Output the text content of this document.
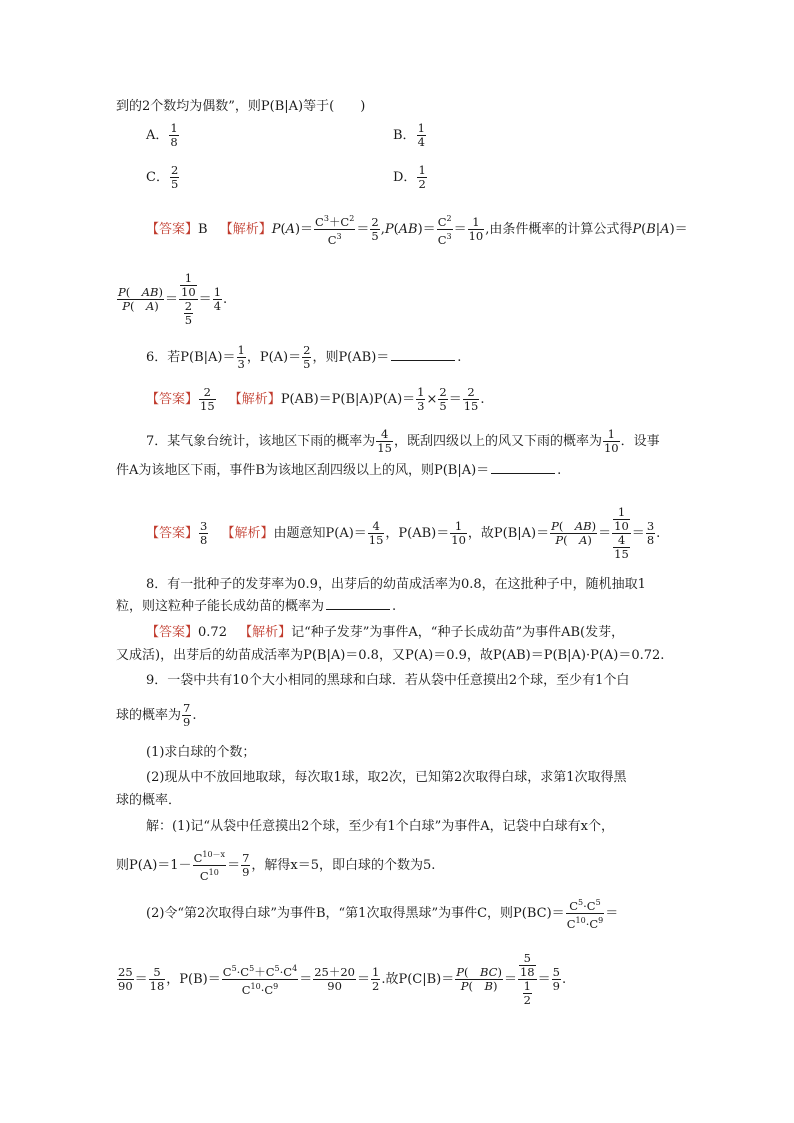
到的2个数均为偶数”，则P(B|A)等于(　　)
A． $\frac{1}{8}$	B． $\frac{1}{4}$
C． $\frac{2}{5}$	D． $\frac{1}{2}$
【答案】B 【解析】$P(A)= \frac{C^3+C^2}{C^3} = \frac{2}{5} ,P(AB)= \frac{C^2}{C^3} = \frac{1}{10}$ ,由条件概率的计算公式得P(B|A)＝
$\frac{P( AB)}{P( A)} = \frac{\frac{1}{10}}{\frac{2}{5}} = \frac{1}{4}$ .
6．若$P(B|A)= \frac{1}{3}$ ，$P(A)= \frac{2}{5}$ ，则P(AB)＝	.
【答案】 $\frac{2}{15}$ 【解析】$P(AB)=P(B|A)P(A)= \frac{1}{3} \times \frac{2}{5} = \frac{2}{15}$ .
7．某气象台统计，该地区下雨的概率为 $\frac{4}{15}$ ，既刮四级以上的风又下雨的概率为 $\frac{1}{10}$ ．设事
件A为该地区下雨，事件B为该地区刮四级以上的风，则P(B|A)＝	.
【答案】 $\frac{3}{8}$ 【解析】由题意知$P(A)= \frac{4}{15}$ ，$P(AB)= \frac{1}{10}$ ，故$P(B|A)= \frac{P( AB)}{P( A)} = \frac{\frac{1}{10}}{\frac{4}{15}} = \frac{3}{8}$ .
8．有一批种子的发芽率为0.9，出芽后的幼苗成活率为0.8，在这批种子中，随机抽取1
粒，则这粒种子能长成幼苗的概率为	.
【答案】0.72 【解析】记“种子发芽”为事件A，“种子长成幼苗”为事件AB(发芽，
又成活)，出芽后的幼苗成活率为P(B|A)＝0.8，又P(A)＝0.9，故P(AB)＝P(B|A)·P(A)＝0.72.
9．一袋中共有10个大小相同的黑球和白球．若从袋中任意摸出2个球，至少有1个白
球的概率为 $\frac{7}{9}$ .
(1)求白球的个数；
(2)现从中不放回地取球，每次取1球，取2次，已知第2次取得白球，求第1次取得黑
球的概率．
解：(1)记“从袋中任意摸出2个球，至少有1个白球”为事件A，记袋中白球有x个，
则$P(A)=1- \frac{C^{10-x}}{C^{10}} = \frac{7}{9}$ ，解得x＝5，即白球的个数为5.
(2)令“第2次取得白球”为事件B，“第1次取得黑球”为事件C，则$P(BC)= \frac{C^5\cdot C^5}{C^{10}\cdot C^9}$ ＝
$\frac{25}{90} = \frac{5}{18}$ ，$P(B)= \frac{C^5\cdot C^5+C^5\cdot C^4}{C^{10}\cdot C^9} = \frac{25+20}{90} = \frac{1}{2}$ .故$P(C|B)= \frac{P( BC)}{P( B)} = \frac{\frac{5}{18}}{\frac{1}{2}} = \frac{5}{9}$ .
